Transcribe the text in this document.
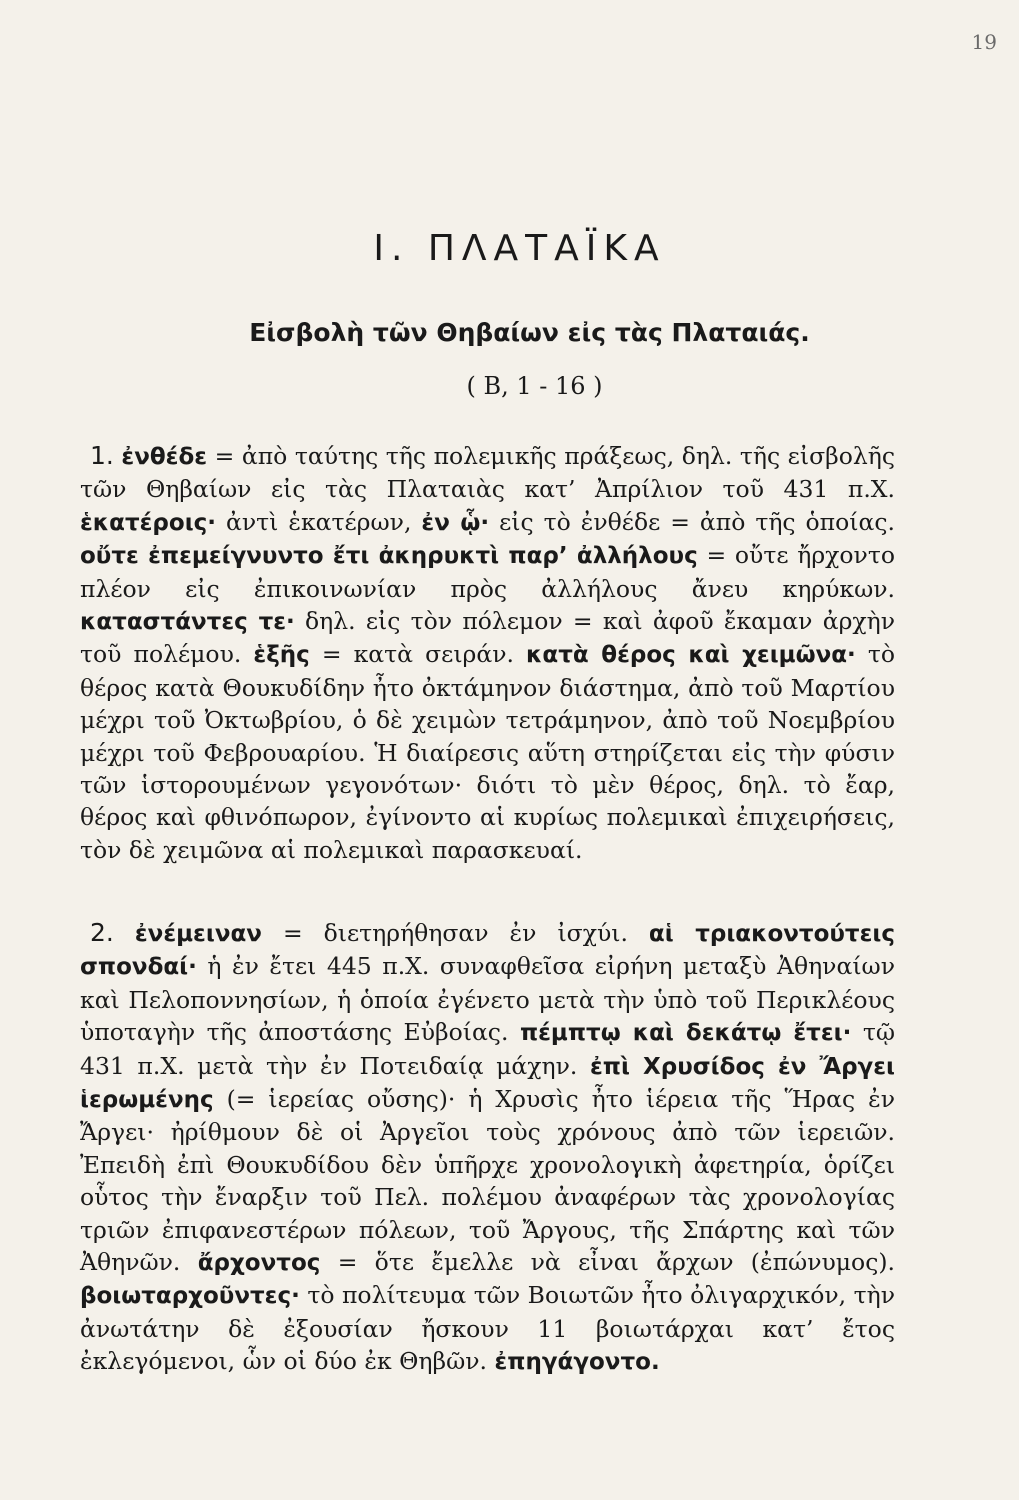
19
I. ΠΛΑΤΑΪΚΑ
Εἰσβολὴ τῶν Θηβαίων εἰς τὰς Πλαταιάς.
( Β, 1 - 16 )

1. ἐνθέδε = ἀπὸ ταύτης τῆς πολεμικῆς πράξεως, δηλ. τῆς εἰσβολῆς τῶν Θηβαίων εἰς τὰς Πλαταιὰς κατ’ Ἀπρίλιον τοῦ 431 π.Χ. ἑκατέροις· ἀντὶ ἑκατέρων, ἐν ᾧ· εἰς τὸ ἐνθέδε = ἀπὸ τῆς ὁποίας. οὔτε ἐπεμείγνυντο ἔτι ἀκηρυκτὶ παρ’ ἀλλήλους = οὔτε ἤρχοντο πλέον εἰς ἐπικοινωνίαν πρὸς ἀλλήλους ἄνευ κηρύκων. καταστάντες τε· δηλ. εἰς τὸν πόλεμον = καὶ ἀφοῦ ἔκαμαν ἀρχὴν τοῦ πολέμου. ἑξῆς = κατὰ σειράν. κατὰ θέρος καὶ χειμῶνα· τὸ θέρος κατὰ Θουκυδίδην ἦτο ὀκτάμηνον διάστημα, ἀπὸ τοῦ Μαρτίου μέχρι τοῦ Ὀκτωβρίου, ὁ δὲ χειμὼν τετράμηνον, ἀπὸ τοῦ Νοεμβρίου μέχρι τοῦ Φεβρουαρίου. Ἡ διαίρεσις αὕτη στηρίζεται εἰς τὴν φύσιν τῶν ἱστορουμένων γεγονότων· διότι τὸ μὲν θέρος, δηλ. τὸ ἔαρ, θέρος καὶ φθινόπωρον, ἐγίνοντο αἱ κυρίως πολεμικαὶ ἐπιχειρήσεις, τὸν δὲ χειμῶνα αἱ πολεμικαὶ παρασκευαί.

2. ἐνέμειναν = διετηρήθησαν ἐν ἰσχύι. αἱ τριακοντούτεις σπονδαί· ἡ ἐν ἔτει 445 π.Χ. συναφθεῖσα εἰρήνη μεταξὺ Ἀθηναίων καὶ Πελοποννησίων, ἡ ὁποία ἐγένετο μετὰ τὴν ὑπὸ τοῦ Περικλέους ὑποταγὴν τῆς ἀποστάσης Εὐβοίας. πέμπτῳ καὶ δεκάτῳ ἔτει· τῷ 431 π.Χ. μετὰ τὴν ἐν Ποτειδαίᾳ μάχην. ἐπὶ Χρυσίδος ἐν Ἄργει ἱερωμένης (= ἱερείας οὔσης)· ἡ Χρυσὶς ἦτο ἱέρεια τῆς Ἥρας ἐν Ἄργει· ἠρίθμουν δὲ οἱ Ἀργεῖοι τοὺς χρόνους ἀπὸ τῶν ἱερειῶν. Ἐπειδὴ ἐπὶ Θουκυδίδου δὲν ὑπῆρχε χρονολογικὴ ἀφετηρία, ὁρίζει οὗτος τὴν ἔναρξιν τοῦ Πελ. πολέμου ἀναφέρων τὰς χρονολογίας τριῶν ἐπιφανεστέρων πόλεων, τοῦ Ἄργους, τῆς Σπάρτης καὶ τῶν Ἀθηνῶν. ἄρχοντος = ὅτε ἔμελλε νὰ εἶναι ἄρχων (ἐπώνυμος). βοιωταρχοῦντες· τὸ πολίτευμα τῶν Βοιωτῶν ἦτο ὀλιγαρχικόν, τὴν ἀνωτάτην δὲ ἐξουσίαν ἤσκουν 11 βοιωτάρχαι κατ’ ἔτος ἐκλεγόμενοι, ὧν οἱ δύο ἐκ Θηβῶν. ἐπηγάγοντο.
